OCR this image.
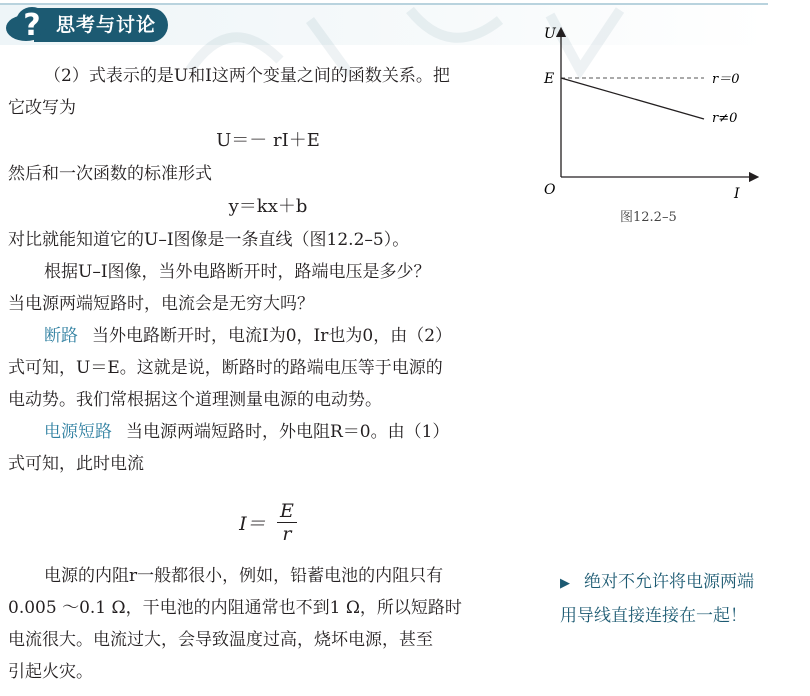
? 思考与讨论

（2）式表示的是U和I这两个变量之间的函数关系。把

它改写为

U＝－ rI＋E

然后和一次函数的标准形式

y＝kx＋b

对比就能知道它的U–I图像是一条直线（图12.2–5）。

根据U–I图像，当外电路断开时，路端电压是多少？

当电源两端短路时，电流会是无穷大吗？

断路 当外电路断开时，电流I为0，Ir也为0，由（2）

式可知，U＝E。这就是说，断路时的路端电压等于电源的

电动势。我们常根据这个道理测量电源的电动势。

电源短路 当电源两端短路时，外电阻R＝0。由（1）

式可知，此时电流

$I= \frac{E}{r}$

电源的内阻r一般都很小，例如，铅蓄电池的内阻只有

0.005 ～0.1 Ω，干电池的内阻通常也不到1 Ω，所以短路时

电流很大。电流过大，会导致温度过高，烧坏电源，甚至

引起火灾。

U
I
O
E	r＝0
r≠0
图12.2–5
▶ 绝对不允许将电源两端
用导线直接连接在一起！
